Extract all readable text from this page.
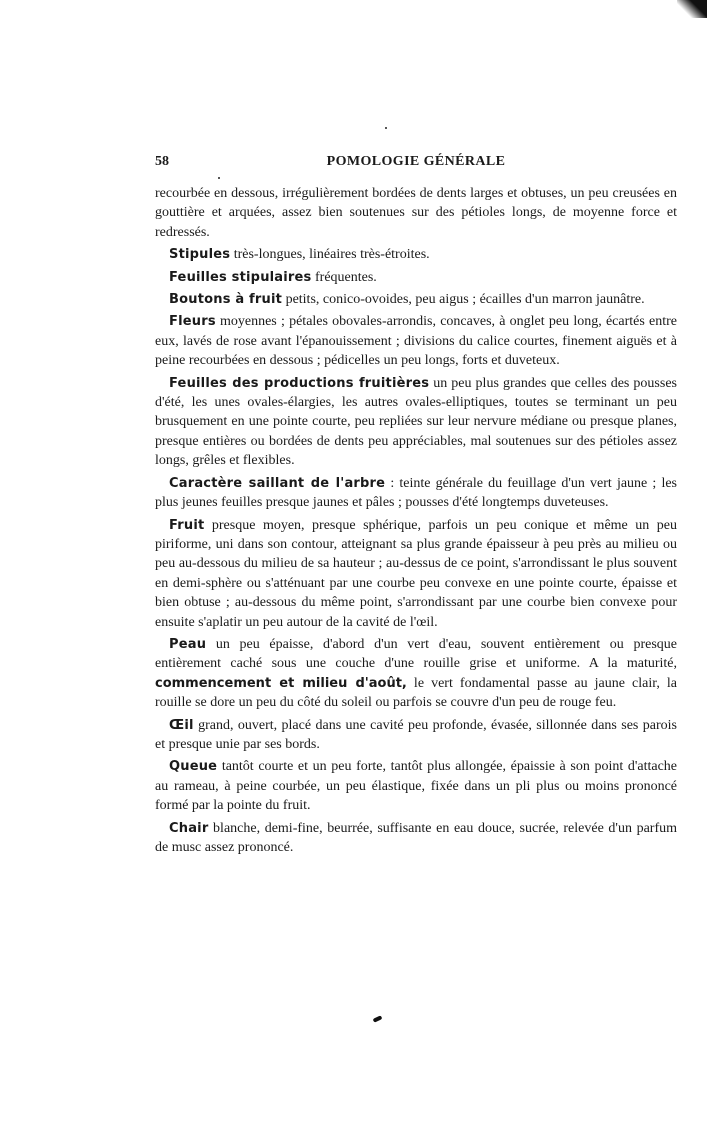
58	POMOLOGIE GÉNÉRALE

recourbée en dessous, irrégulièrement bordées de dents larges et obtuses, un peu creusées en gouttière et arquées, assez bien soutenues sur des pétioles longs, de moyenne force et redressés.

Stipules très-longues, linéaires très-étroites.

Feuilles stipulaires fréquentes.

Boutons à fruit petits, conico-ovoides, peu aigus ; écailles d'un marron jaunâtre.

Fleurs moyennes ; pétales obovales-arrondis, concaves, à onglet peu long, écartés entre eux, lavés de rose avant l'épanouissement ; divisions du calice courtes, finement aiguës et à peine recourbées en dessous ; pédicelles un peu longs, forts et duveteux.

Feuilles des productions fruitières un peu plus grandes que celles des pousses d'été, les unes ovales-élargies, les autres ovales-elliptiques, toutes se terminant un peu brusquement en une pointe courte, peu repliées sur leur nervure médiane ou presque planes, presque entières ou bordées de dents peu appréciables, mal soutenues sur des pétioles assez longs, grêles et flexibles.

Caractère saillant de l'arbre : teinte générale du feuillage d'un vert jaune ; les plus jeunes feuilles presque jaunes et pâles ; pousses d'été longtemps duveteuses.

Fruit presque moyen, presque sphérique, parfois un peu conique et même un peu piriforme, uni dans son contour, atteignant sa plus grande épaisseur à peu près au milieu ou peu au-dessous du milieu de sa hauteur ; au-dessus de ce point, s'arrondissant le plus souvent en demi-sphère ou s'atténuant par une courbe peu convexe en une pointe courte, épaisse et bien obtuse ; au-dessous du même point, s'arrondissant par une courbe bien convexe pour ensuite s'aplatir un peu autour de la cavité de l'œil.

Peau un peu épaisse, d'abord d'un vert d'eau, souvent entièrement ou presque entièrement caché sous une couche d'une rouille grise et uniforme. A la maturité, commencement et milieu d'août, le vert fondamental passe au jaune clair, la rouille se dore un peu du côté du soleil ou parfois se couvre d'un peu de rouge feu.

Œil grand, ouvert, placé dans une cavité peu profonde, évasée, sillonnée dans ses parois et presque unie par ses bords.

Queue tantôt courte et un peu forte, tantôt plus allongée, épaissie à son point d'attache au rameau, à peine courbée, un peu élastique, fixée dans un pli plus ou moins prononcé formé par la pointe du fruit.

Chair blanche, demi-fine, beurrée, suffisante en eau douce, sucrée, relevée d'un parfum de musc assez prononcé.
